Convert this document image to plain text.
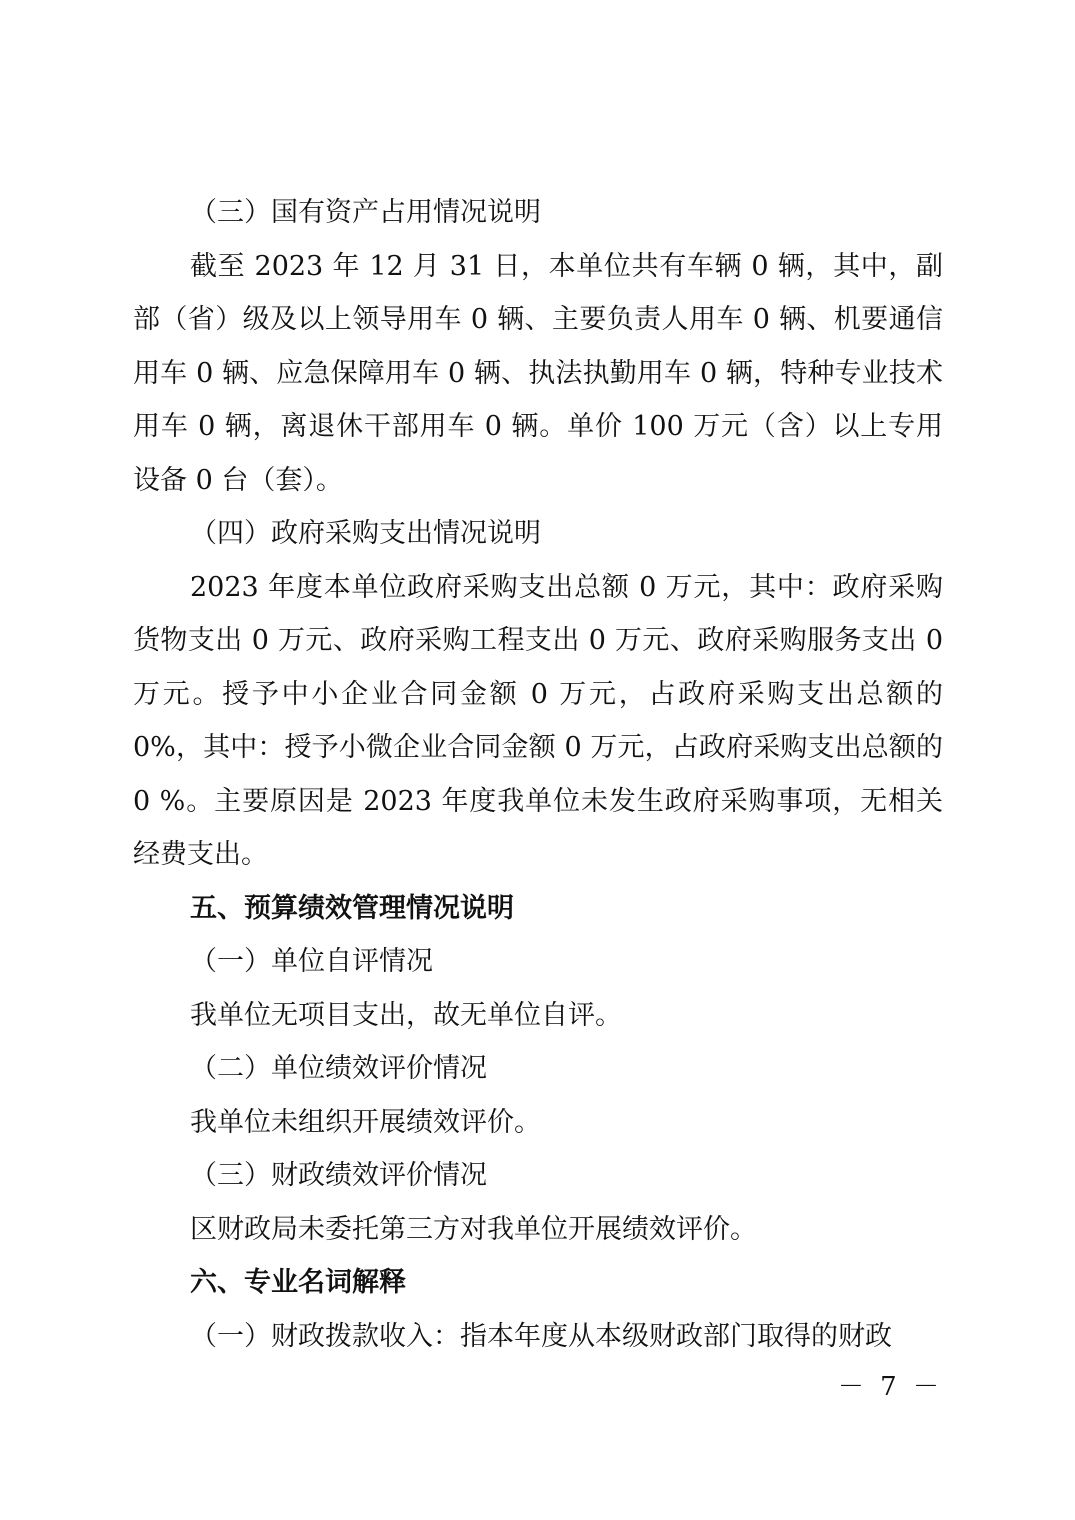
（三）国有资产占用情况说明

截至 2023 年 12 月 31 日，本单位共有车辆 0 辆，其中，副部（省）级及以上领导用车 0 辆、主要负责人用车 0 辆、机要通信用车 0 辆、应急保障用车 0 辆、执法执勤用车 0 辆，特种专业技术用车 0 辆，离退休干部用车 0 辆。单价 100 万元（含）以上专用设备 0 台（套）。

（四）政府采购支出情况说明

2023 年度本单位政府采购支出总额 0 万元，其中：政府采购货物支出 0 万元、政府采购工程支出 0 万元、政府采购服务支出 0 万元。授予中小企业合同金额 0 万元，占政府采购支出总额的 0%，其中：授予小微企业合同金额 0 万元，占政府采购支出总额的 0 %。主要原因是 2023 年度我单位未发生政府采购事项，无相关经费支出。

五、预算绩效管理情况说明

（一）单位自评情况

我单位无项目支出，故无单位自评。

（二）单位绩效评价情况

我单位未组织开展绩效评价。

（三）财政绩效评价情况

区财政局未委托第三方对我单位开展绩效评价。

六、专业名词解释

（一）财政拨款收入：指本年度从本级财政部门取得的财政

－ 7 －
